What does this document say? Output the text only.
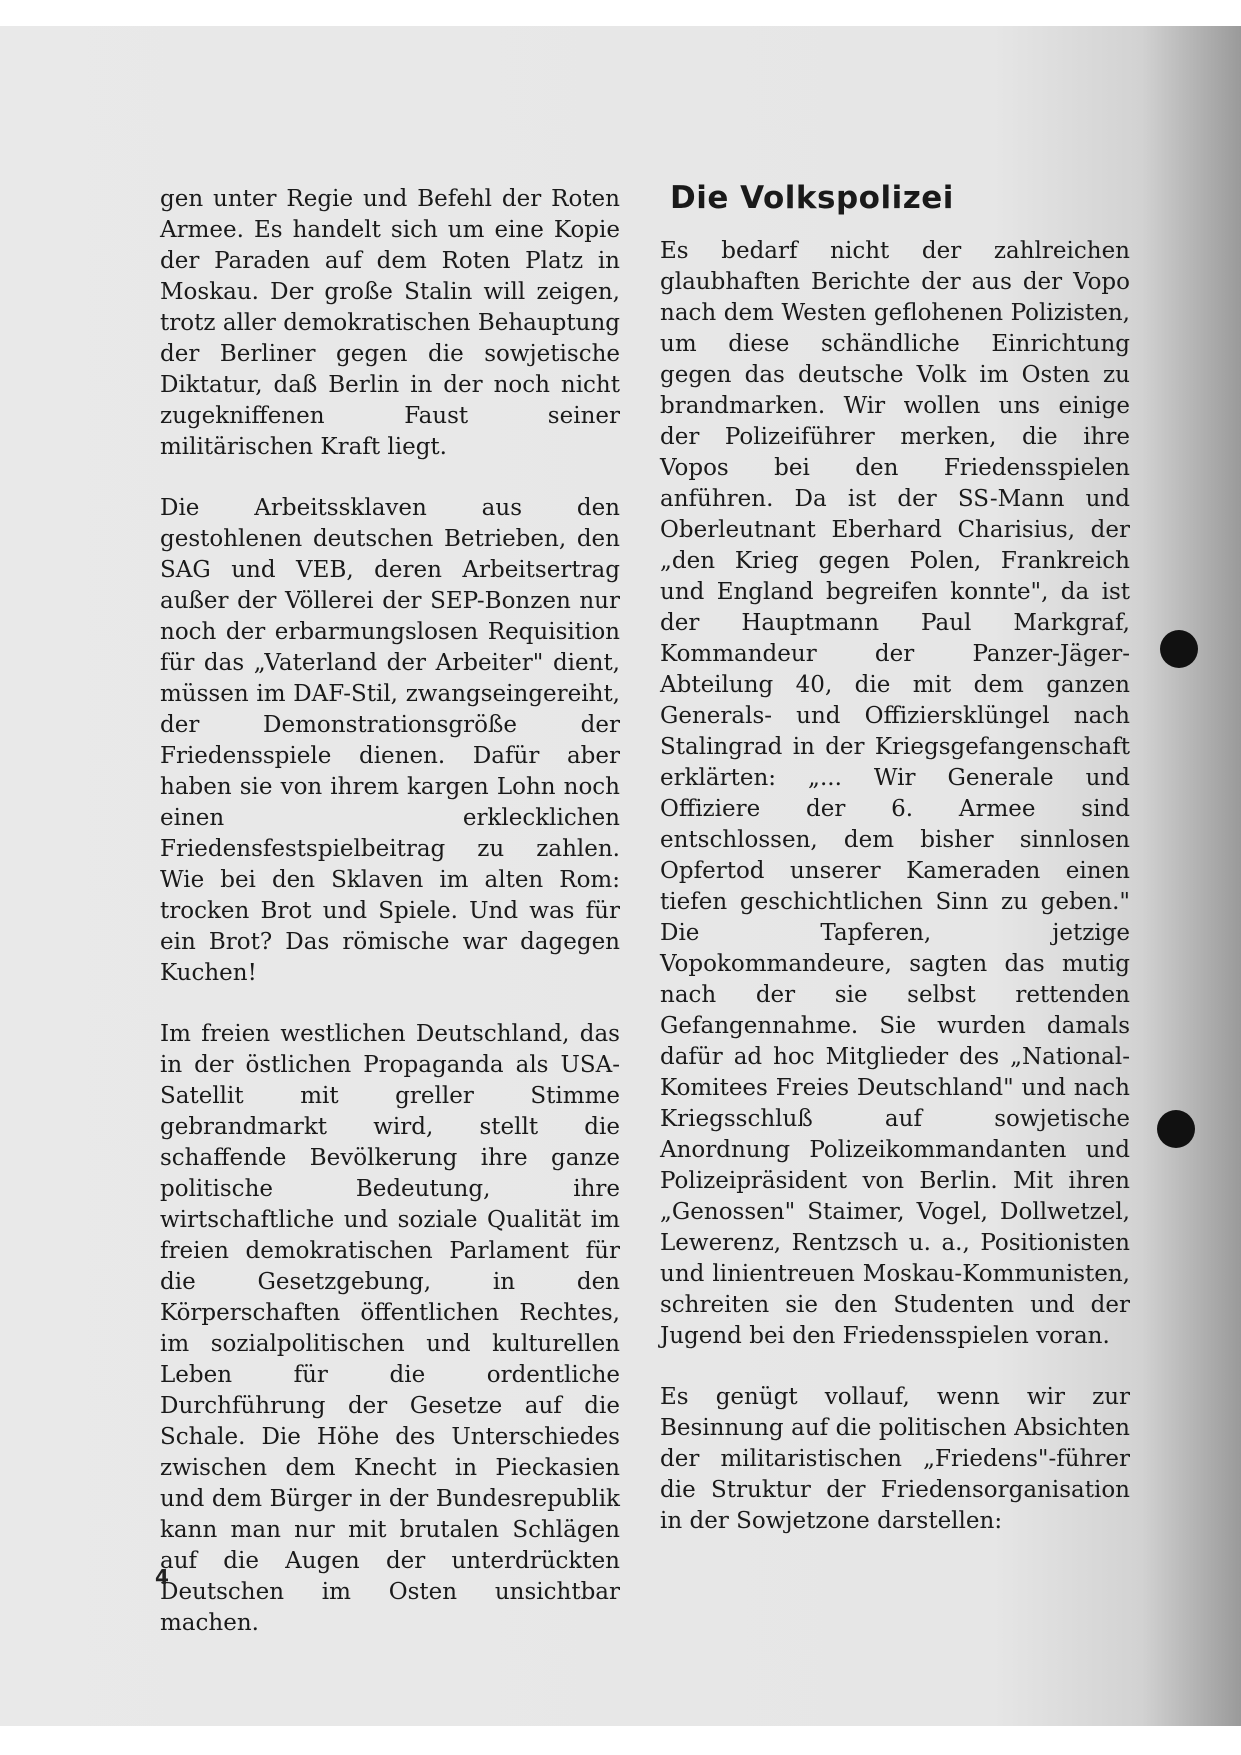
gen unter Regie und Befehl der Roten Armee. Es handelt sich um eine Kopie der Paraden auf dem Roten Platz in Moskau. Der große Stalin will zeigen, trotz aller demokratischen Behauptung der Berliner gegen die sowjetische Diktatur, daß Berlin in der noch nicht zugekniffenen Faust seiner militärischen Kraft liegt.

Die Arbeitssklaven aus den gestohlenen deutschen Betrieben, den SAG und VEB, deren Arbeitsertrag außer der Völlerei der SEP-Bonzen nur noch der erbarmungslosen Requisition für das „Vaterland der Arbeiter" dient, müssen im DAF-Stil, zwangseingereiht, der Demonstrationsgröße der Friedensspiele dienen. Dafür aber haben sie von ihrem kargen Lohn noch einen erklecklichen Friedensfestspielbeitrag zu zahlen. Wie bei den Sklaven im alten Rom: trocken Brot und Spiele. Und was für ein Brot? Das römische war dagegen Kuchen!

Im freien westlichen Deutschland, das in der östlichen Propaganda als USA-Satellit mit greller Stimme gebrandmarkt wird, stellt die schaffende Bevölkerung ihre ganze politische Bedeutung, ihre wirtschaftliche und soziale Qualität im freien demokratischen Parlament für die Gesetzgebung, in den Körperschaften öffentlichen Rechtes, im sozialpolitischen und kulturellen Leben für die ordentliche Durchführung der Gesetze auf die Schale. Die Höhe des Unterschiedes zwischen dem Knecht in Pieckasien und dem Bürger in der Bundesrepublik kann man nur mit brutalen Schlägen auf die Augen der unterdrückten Deutschen im Osten unsichtbar machen.

Die Volkspolizei

Es bedarf nicht der zahlreichen glaubhaften Berichte der aus der Vopo nach dem Westen geflohenen Polizisten, um diese schändliche Einrichtung gegen das deutsche Volk im Osten zu brandmarken. Wir wollen uns einige der Polizeiführer merken, die ihre Vopos bei den Friedensspielen anführen. Da ist der SS-Mann und Oberleutnant Eberhard Charisius, der „den Krieg gegen Polen, Frankreich und England begreifen konnte", da ist der Hauptmann Paul Markgraf, Kommandeur der Panzer-Jäger-Abteilung 40, die mit dem ganzen Generals- und Offiziersklüngel nach Stalingrad in der Kriegsgefangenschaft erklärten: „... Wir Generale und Offiziere der 6. Armee sind entschlossen, dem bisher sinnlosen Opfertod unserer Kameraden einen tiefen geschichtlichen Sinn zu geben." Die Tapferen, jetzige Vopokommandeure, sagten das mutig nach der sie selbst rettenden Gefangennahme. Sie wurden damals dafür ad hoc Mitglieder des „National-Komitees Freies Deutschland" und nach Kriegsschluß auf sowjetische Anordnung Polizeikommandanten und Polizeipräsident von Berlin. Mit ihren „Genossen" Staimer, Vogel, Dollwetzel, Lewerenz, Rentzsch u. a., Positionisten und linientreuen Moskau-Kommunisten, schreiten sie den Studenten und der Jugend bei den Friedensspielen voran.

Es genügt vollauf, wenn wir zur Besinnung auf die politischen Absichten der militaristischen „Friedens"-führer die Struktur der Friedensorganisation in der Sowjetzone darstellen:

4
